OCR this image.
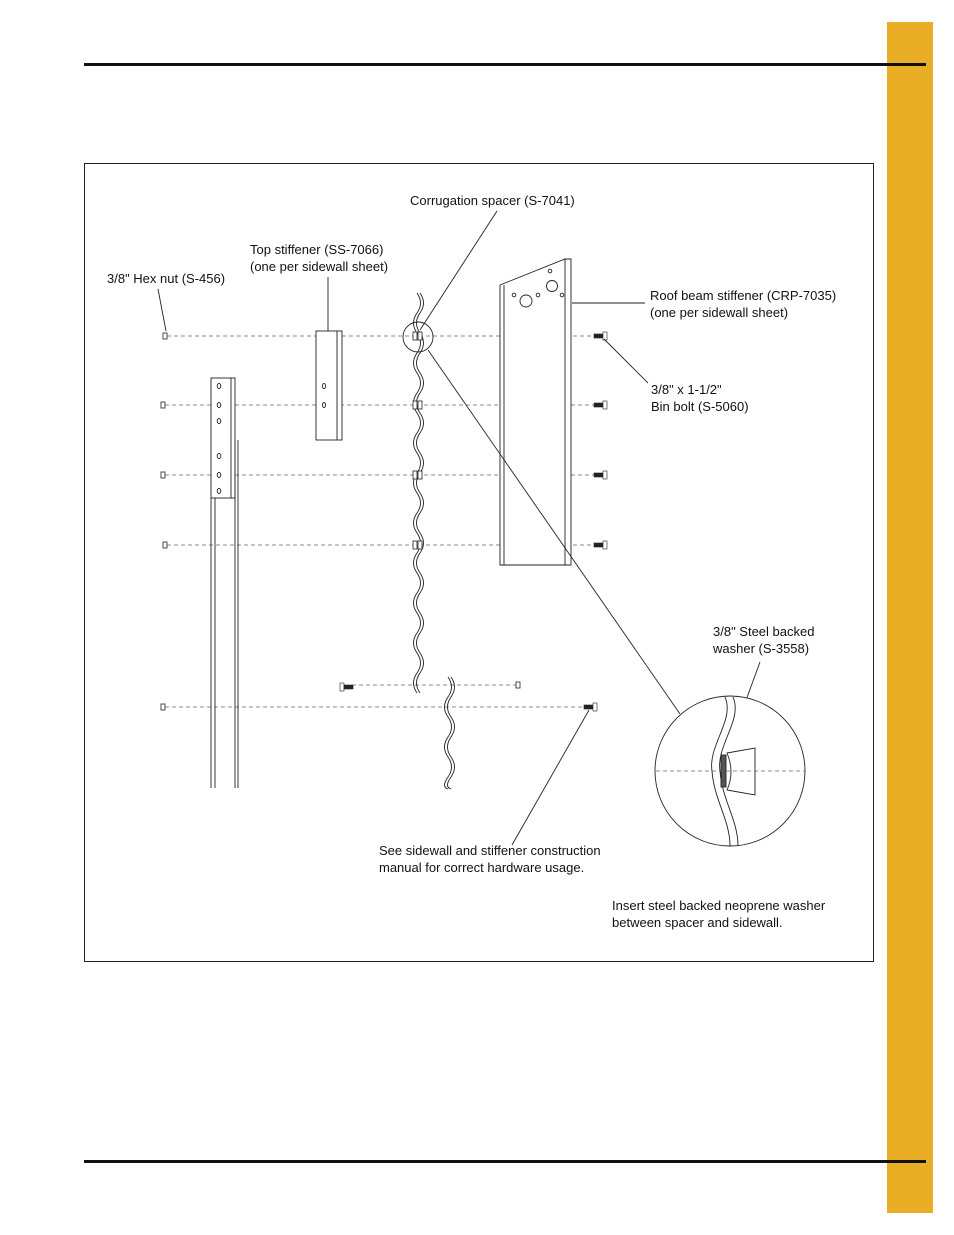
Corrugation spacer (S-7041)
Top stiffener (SS-7066)
(one per sidewall sheet)
3/8" Hex nut (S-456)
Roof beam stiffener (CRP-7035)
(one per sidewall sheet)
3/8" x 1-1/2"
Bin bolt (S-5060)
3/8" Steel backed
washer (S-3558)
See sidewall and stiffener construction
manual for correct hardware usage.
Insert steel backed neoprene washer
between spacer and sidewall.
